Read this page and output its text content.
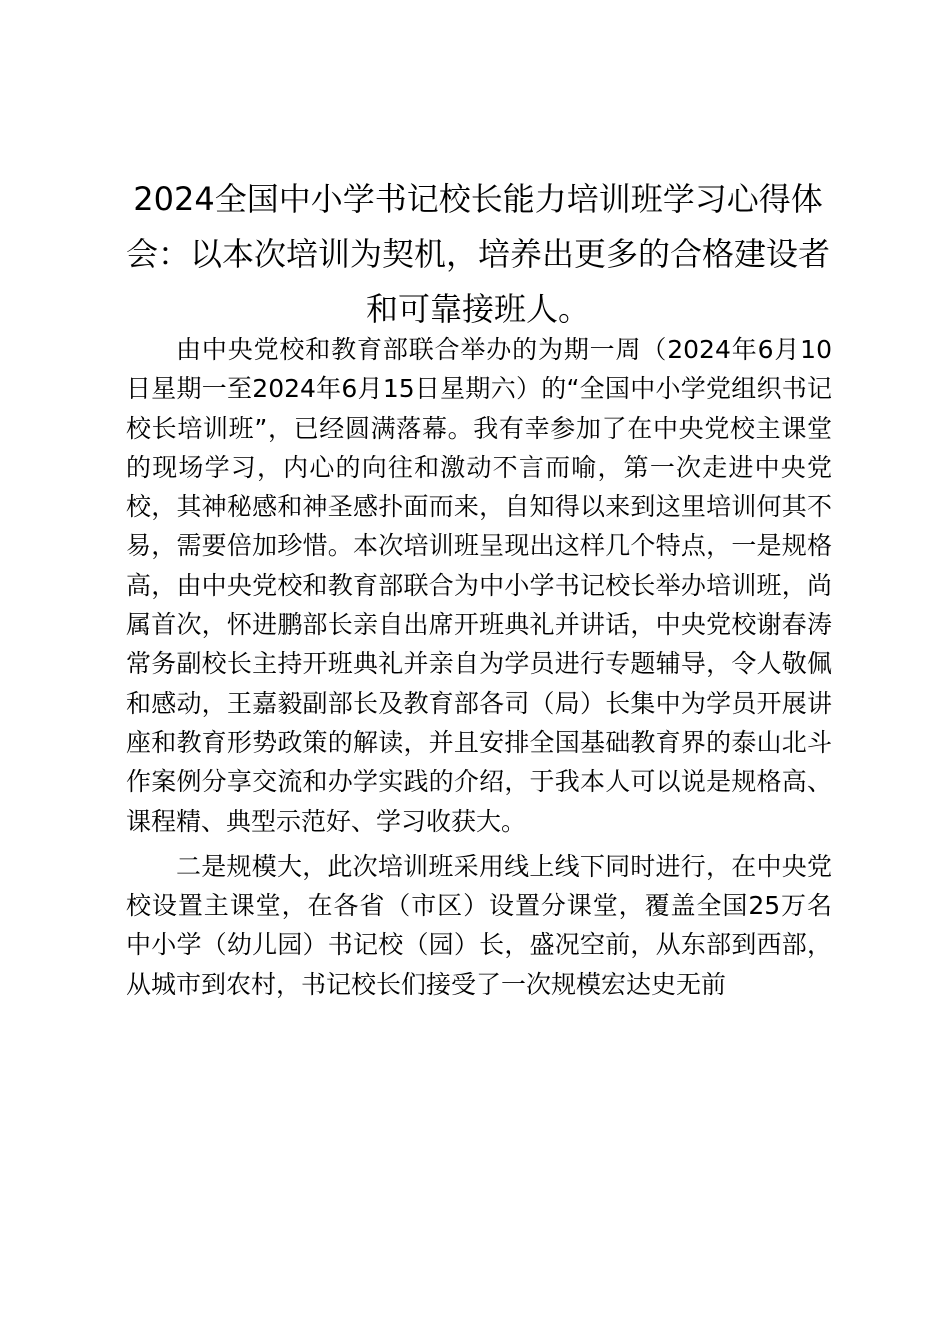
2024全国中小学书记校长能力培训班学习心得体会：以本次培训为契机，培养出更多的合格建设者和可靠接班人。

由中央党校和教育部联合举办的为期一周（2024年6月10日星期一至2024年6月15日星期六）的“全国中小学党组织书记校长培训班”，已经圆满落幕。我有幸参加了在中央党校主课堂的现场学习，内心的向往和激动不言而喻，第一次走进中央党校，其神秘感和神圣感扑面而来，自知得以来到这里培训何其不易，需要倍加珍惜。本次培训班呈现出这样几个特点，一是规格高，由中央党校和教育部联合为中小学书记校长举办培训班，尚属首次，怀进鹏部长亲自出席开班典礼并讲话，中央党校谢春涛常务副校长主持开班典礼并亲自为学员进行专题辅导，令人敬佩和感动，王嘉毅副部长及教育部各司（局）长集中为学员开展讲座和教育形势政策的解读，并且安排全国基础教育界的泰山北斗作案例分享交流和办学实践的介绍，于我本人可以说是规格高、课程精、典型示范好、学习收获大。

二是规模大，此次培训班采用线上线下同时进行，在中央党校设置主课堂，在各省（市区）设置分课堂，覆盖全国25万名中小学（幼儿园）书记校（园）长，盛况空前，从东部到西部，从城市到农村，书记校长们接受了一次规模宏达史无前
